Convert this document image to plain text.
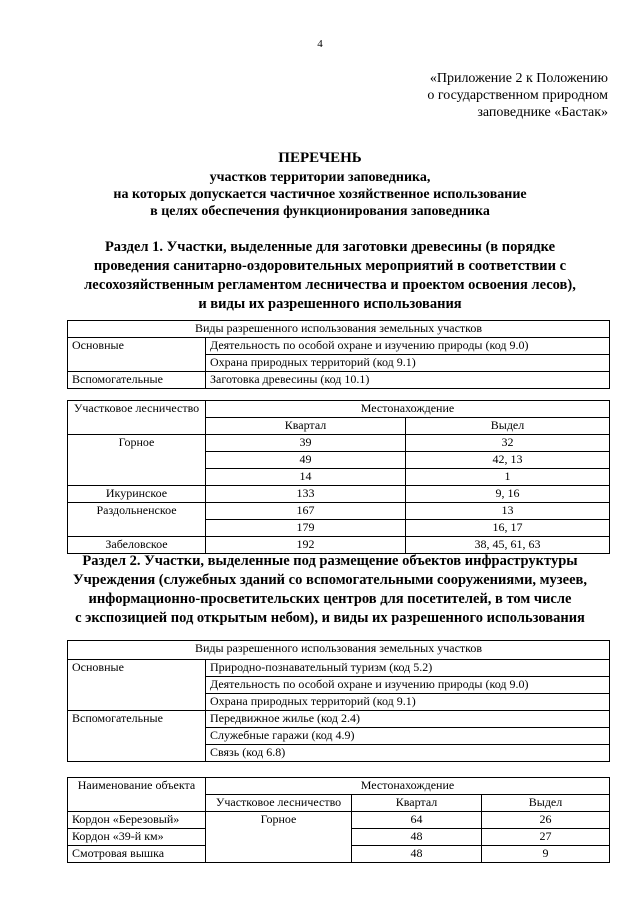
4
«Приложение 2 к Положению
о государственном природном
заповеднике «Бастак»
ПЕРЕЧЕНЬ
участков территории заповедника,
на которых допускается частичное хозяйственное использование
в целях обеспечения функционирования заповедника
Раздел 1. Участки, выделенные для заготовки древесины (в порядке
проведения санитарно-оздоровительных мероприятий в соответствии с
лесохозяйственным регламентом лесничества и проектом освоения лесов),
и виды их разрешенного использования
Виды разрешенного использования земельных участков	
Основные	Деятельность по особой охране и изучению природы (код 9.0)
	Охрана природных территорий (код 9.1)
Вспомогательные	Заготовка древесины (код 10.1)
Участковое лесничество	Местонахождение	
	Квартал	Выдел
Горное	39	32
	49	42, 13
	14	1
Икуринское	133	9, 16
Раздольненское	167	13
	179	16, 17
Забеловское	192	38, 45, 61, 63
Раздел 2. Участки, выделенные под размещение объектов инфраструктуры
Учреждения (служебных зданий со вспомогательными сооружениями, музеев,
информационно-просветительских центров для посетителей, в том числе
с экспозицией под открытым небом), и виды их разрешенного использования
Виды разрешенного использования земельных участков	
Основные	Природно-познавательный туризм (код 5.2)
	Деятельность по особой охране и изучению природы (код 9.0)
	Охрана природных территорий (код 9.1)
Вспомогательные	Передвижное жилье (код 2.4)
	Служебные гаражи (код 4.9)
	Связь (код 6.8)
Наименование объекта	Местонахождение		
	Участковое лесничество	Квартал	Выдел
Кордон «Березовый»	Горное	64	26
Кордон «39-й км»		48	27
Смотровая вышка		48	9
